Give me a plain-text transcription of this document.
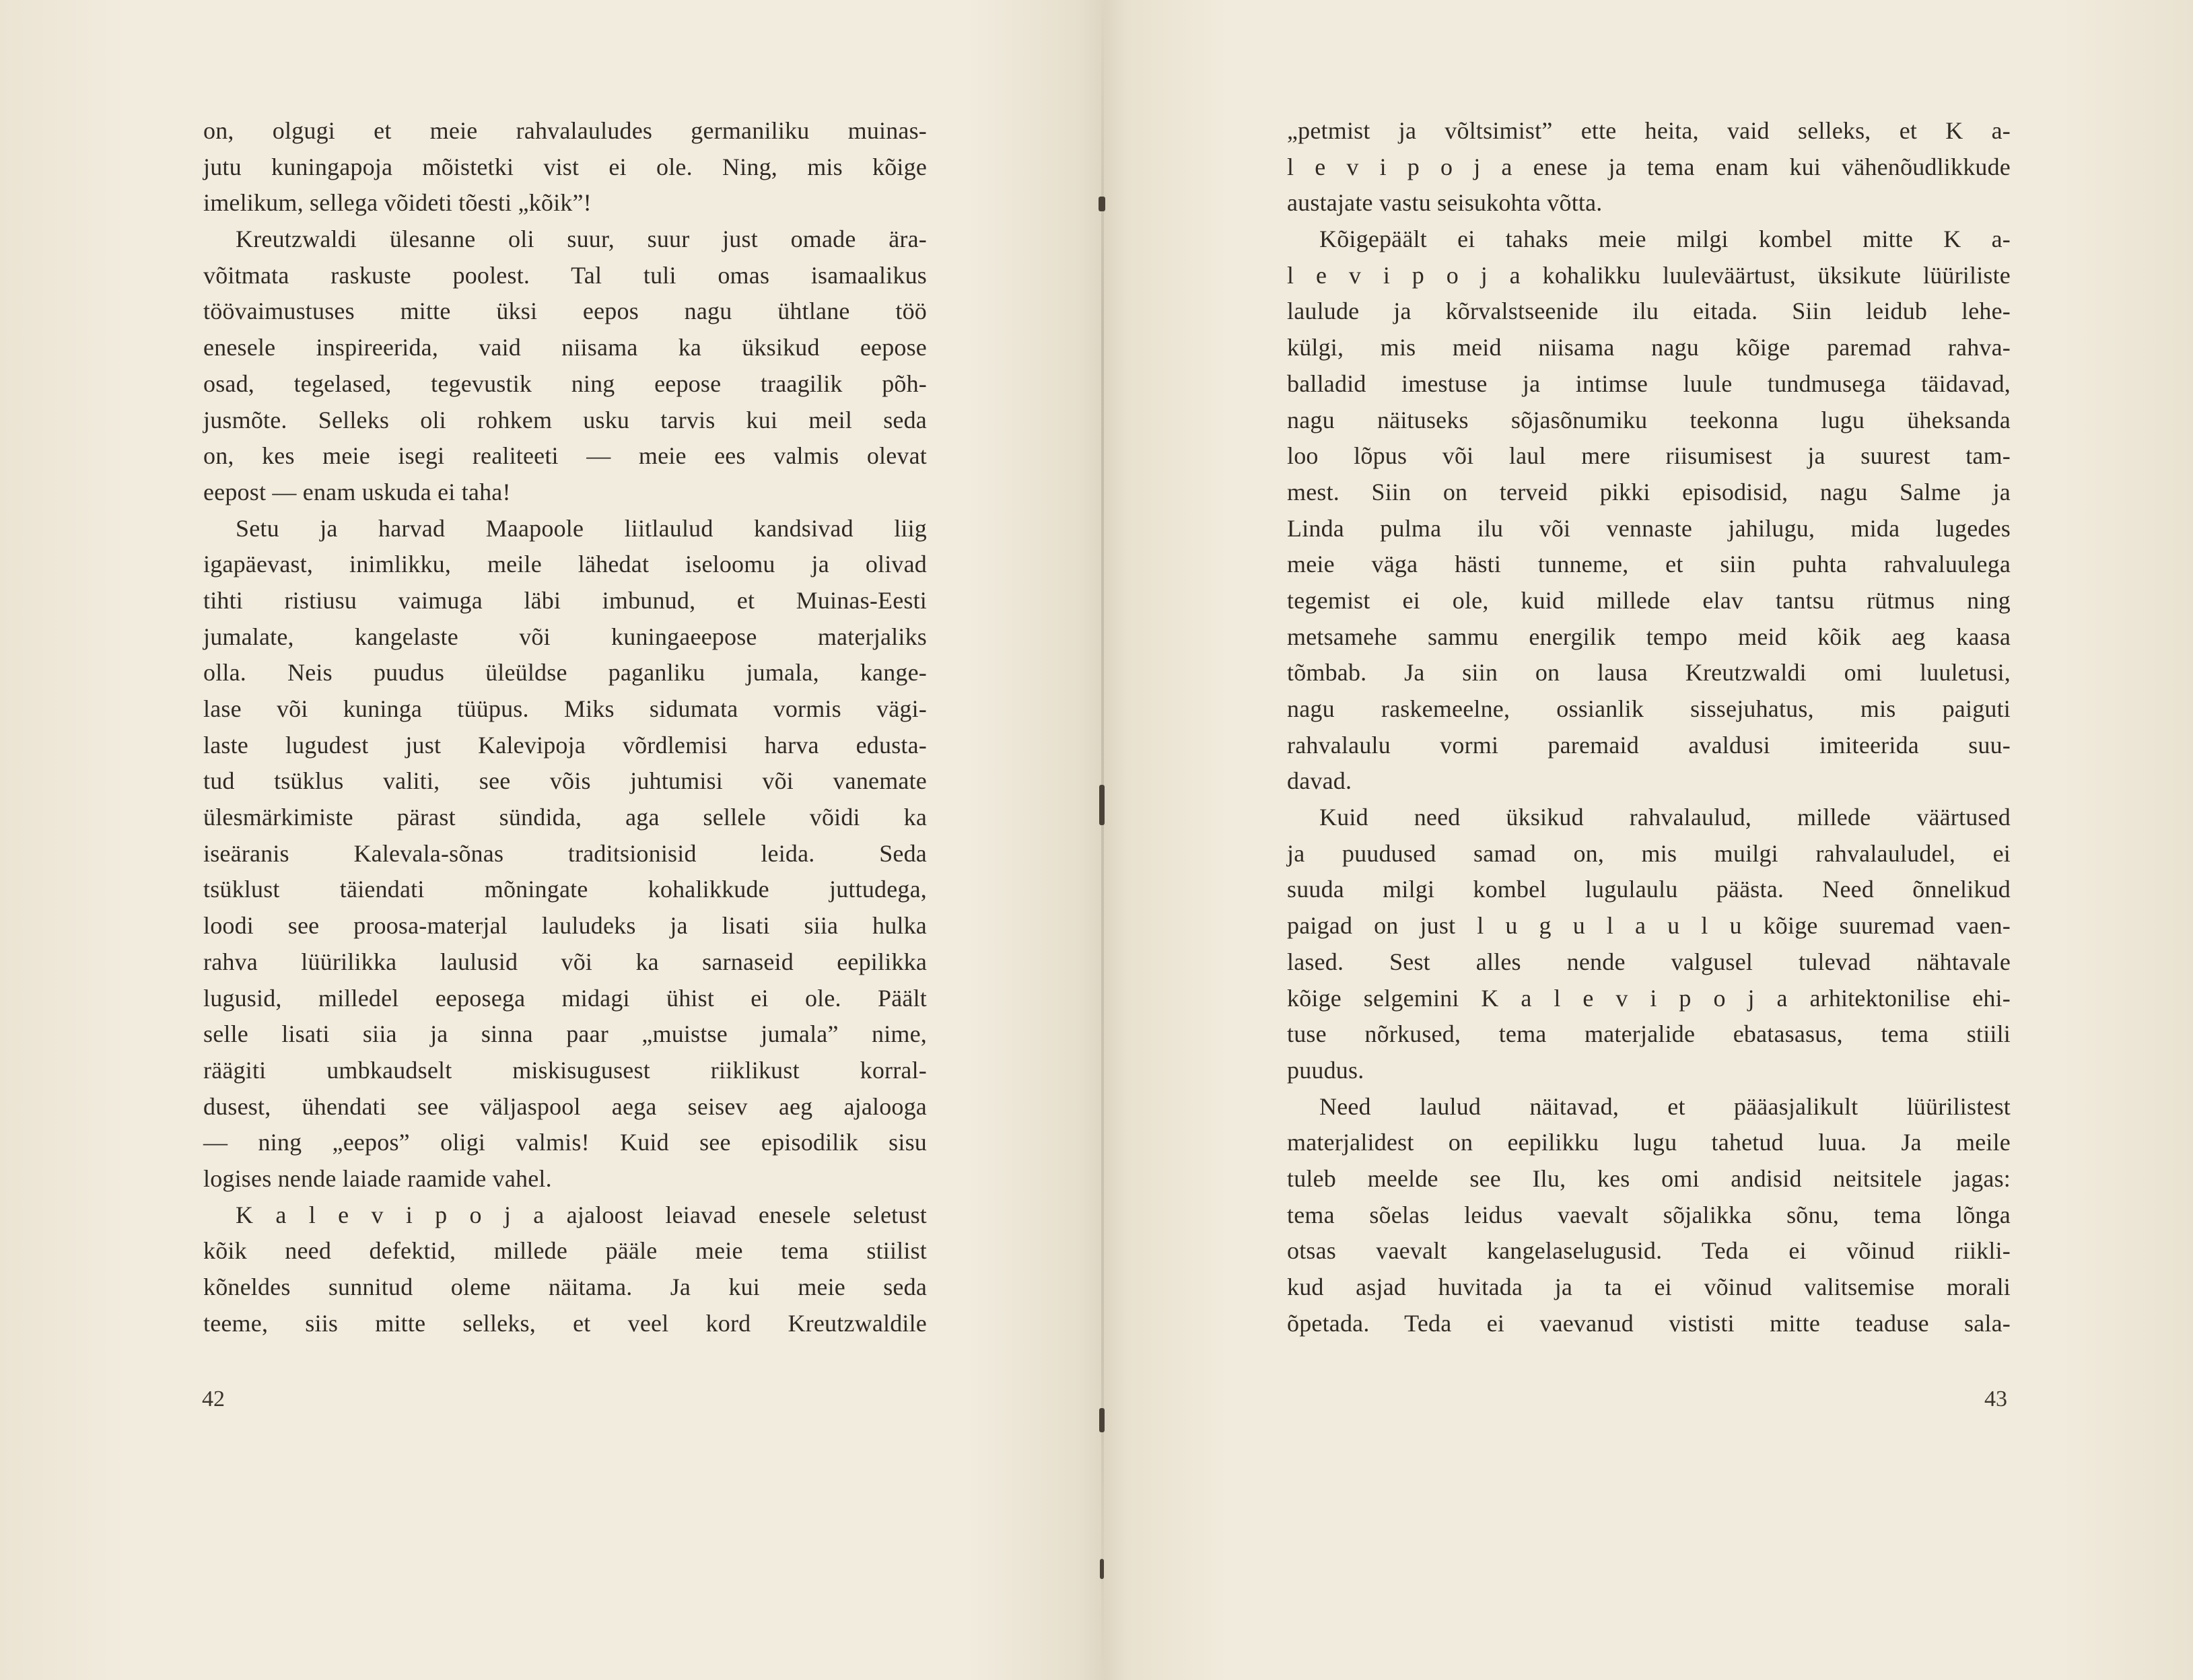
on, olgugi et meie rahvalauludes germaniliku muinas-
jutu kuningapoja mõistetki vist ei ole. Ning, mis kõige
imelikum, sellega võideti tõesti „kõik”!
Kreutzwaldi ülesanne oli suur, suur just omade ära-
võitmata raskuste poolest. Tal tuli omas isamaalikus
töövaimustuses mitte üksi eepos nagu ühtlane töö
enesele inspireerida, vaid niisama ka üksikud eepose
osad, tegelased, tegevustik ning eepose traagilik põh-
jusmõte. Selleks oli rohkem usku tarvis kui meil seda
on, kes meie isegi realiteeti — meie ees valmis olevat
eepost — enam uskuda ei taha!
Setu ja harvad Maapoole liitlaulud kandsivad liig
igapäevast, inimlikku, meile lähedat iseloomu ja olivad
tihti ristiusu vaimuga läbi imbunud, et Muinas-Eesti
jumalate, kangelaste või kuningaeepose materjaliks
olla. Neis puudus üleüldse paganliku jumala, kange-
lase või kuninga tüüpus. Miks sidumata vormis vägi-
laste lugudest just Kalevipoja võrdlemisi harva edusta-
tud tsüklus valiti, see võis juhtumisi või vanemate
ülesmärkimiste pärast sündida, aga sellele võidi ka
iseäranis Kalevala-sõnas traditsionisid leida. Seda
tsüklust täiendati mõningate kohalikkude juttudega,
loodi see proosa-materjal lauludeks ja lisati siia hulka
rahva lüürilikka laulusid või ka sarnaseid eepilikka
lugusid, milledel eeposega midagi ühist ei ole. Päält
selle lisati siia ja sinna paar „muistse jumala” nime,
räägiti umbkaudselt miskisugusest riiklikust korral-
dusest, ühendati see väljaspool aega seisev aeg ajalooga
— ning „eepos” oligi valmis! Kuid see episodilik sisu
logises nende laiade raamide vahel.
K a l e v i p o j a ajaloost leiavad enesele seletust
kõik need defektid, millede pääle meie tema stiilist
kõneldes sunnitud oleme näitama. Ja kui meie seda
teeme, siis mitte selleks, et veel kord Kreutzwaldile
„petmist ja võltsimist” ette heita, vaid selleks, et K a-
l e v i p o j a enese ja tema enam kui vähenõudlikkude
austajate vastu seisukohta võtta.
Kõigepäält ei tahaks meie milgi kombel mitte K a-
l e v i p o j a kohalikku luuleväärtust, üksikute lüüriliste
laulude ja kõrvalstseenide ilu eitada. Siin leidub lehe-
külgi, mis meid niisama nagu kõige paremad rahva-
balladid imestuse ja intimse luule tundmusega täidavad,
nagu näituseks sõjasõnumiku teekonna lugu üheksanda
loo lõpus või laul mere riisumisest ja suurest tam-
mest. Siin on terveid pikki episodisid, nagu Salme ja
Linda pulma ilu või vennaste jahilugu, mida lugedes
meie väga hästi tunneme, et siin puhta rahvaluulega
tegemist ei ole, kuid millede elav tantsu rütmus ning
metsamehe sammu energilik tempo meid kõik aeg kaasa
tõmbab. Ja siin on lausa Kreutzwaldi omi luuletusi,
nagu raskemeelne, ossianlik sissejuhatus, mis paiguti
rahvalaulu vormi paremaid avaldusi imiteerida suu-
davad.
Kuid need üksikud rahvalaulud, millede väärtused
ja puudused samad on, mis muilgi rahvalauludel, ei
suuda milgi kombel lugulaulu päästa. Need õnnelikud
paigad on just l u g u l a u l u kõige suuremad vaen-
lased. Sest alles nende valgusel tulevad nähtavale
kõige selgemini K a l e v i p o j a arhitektonilise ehi-
tuse nõrkused, tema materjalide ebatasasus, tema stiili
puudus.
Need laulud näitavad, et pääasjalikult lüürilistest
materjalidest on eepilikku lugu tahetud luua. Ja meile
tuleb meelde see Ilu, kes omi andisid neitsitele jagas:
tema sõelas leidus vaevalt sõjalikka sõnu, tema lõnga
otsas vaevalt kangelaselugusid. Teda ei võinud riikli-
kud asjad huvitada ja ta ei võinud valitsemise morali
õpetada. Teda ei vaevanud vististi mitte teaduse sala-
42	43
